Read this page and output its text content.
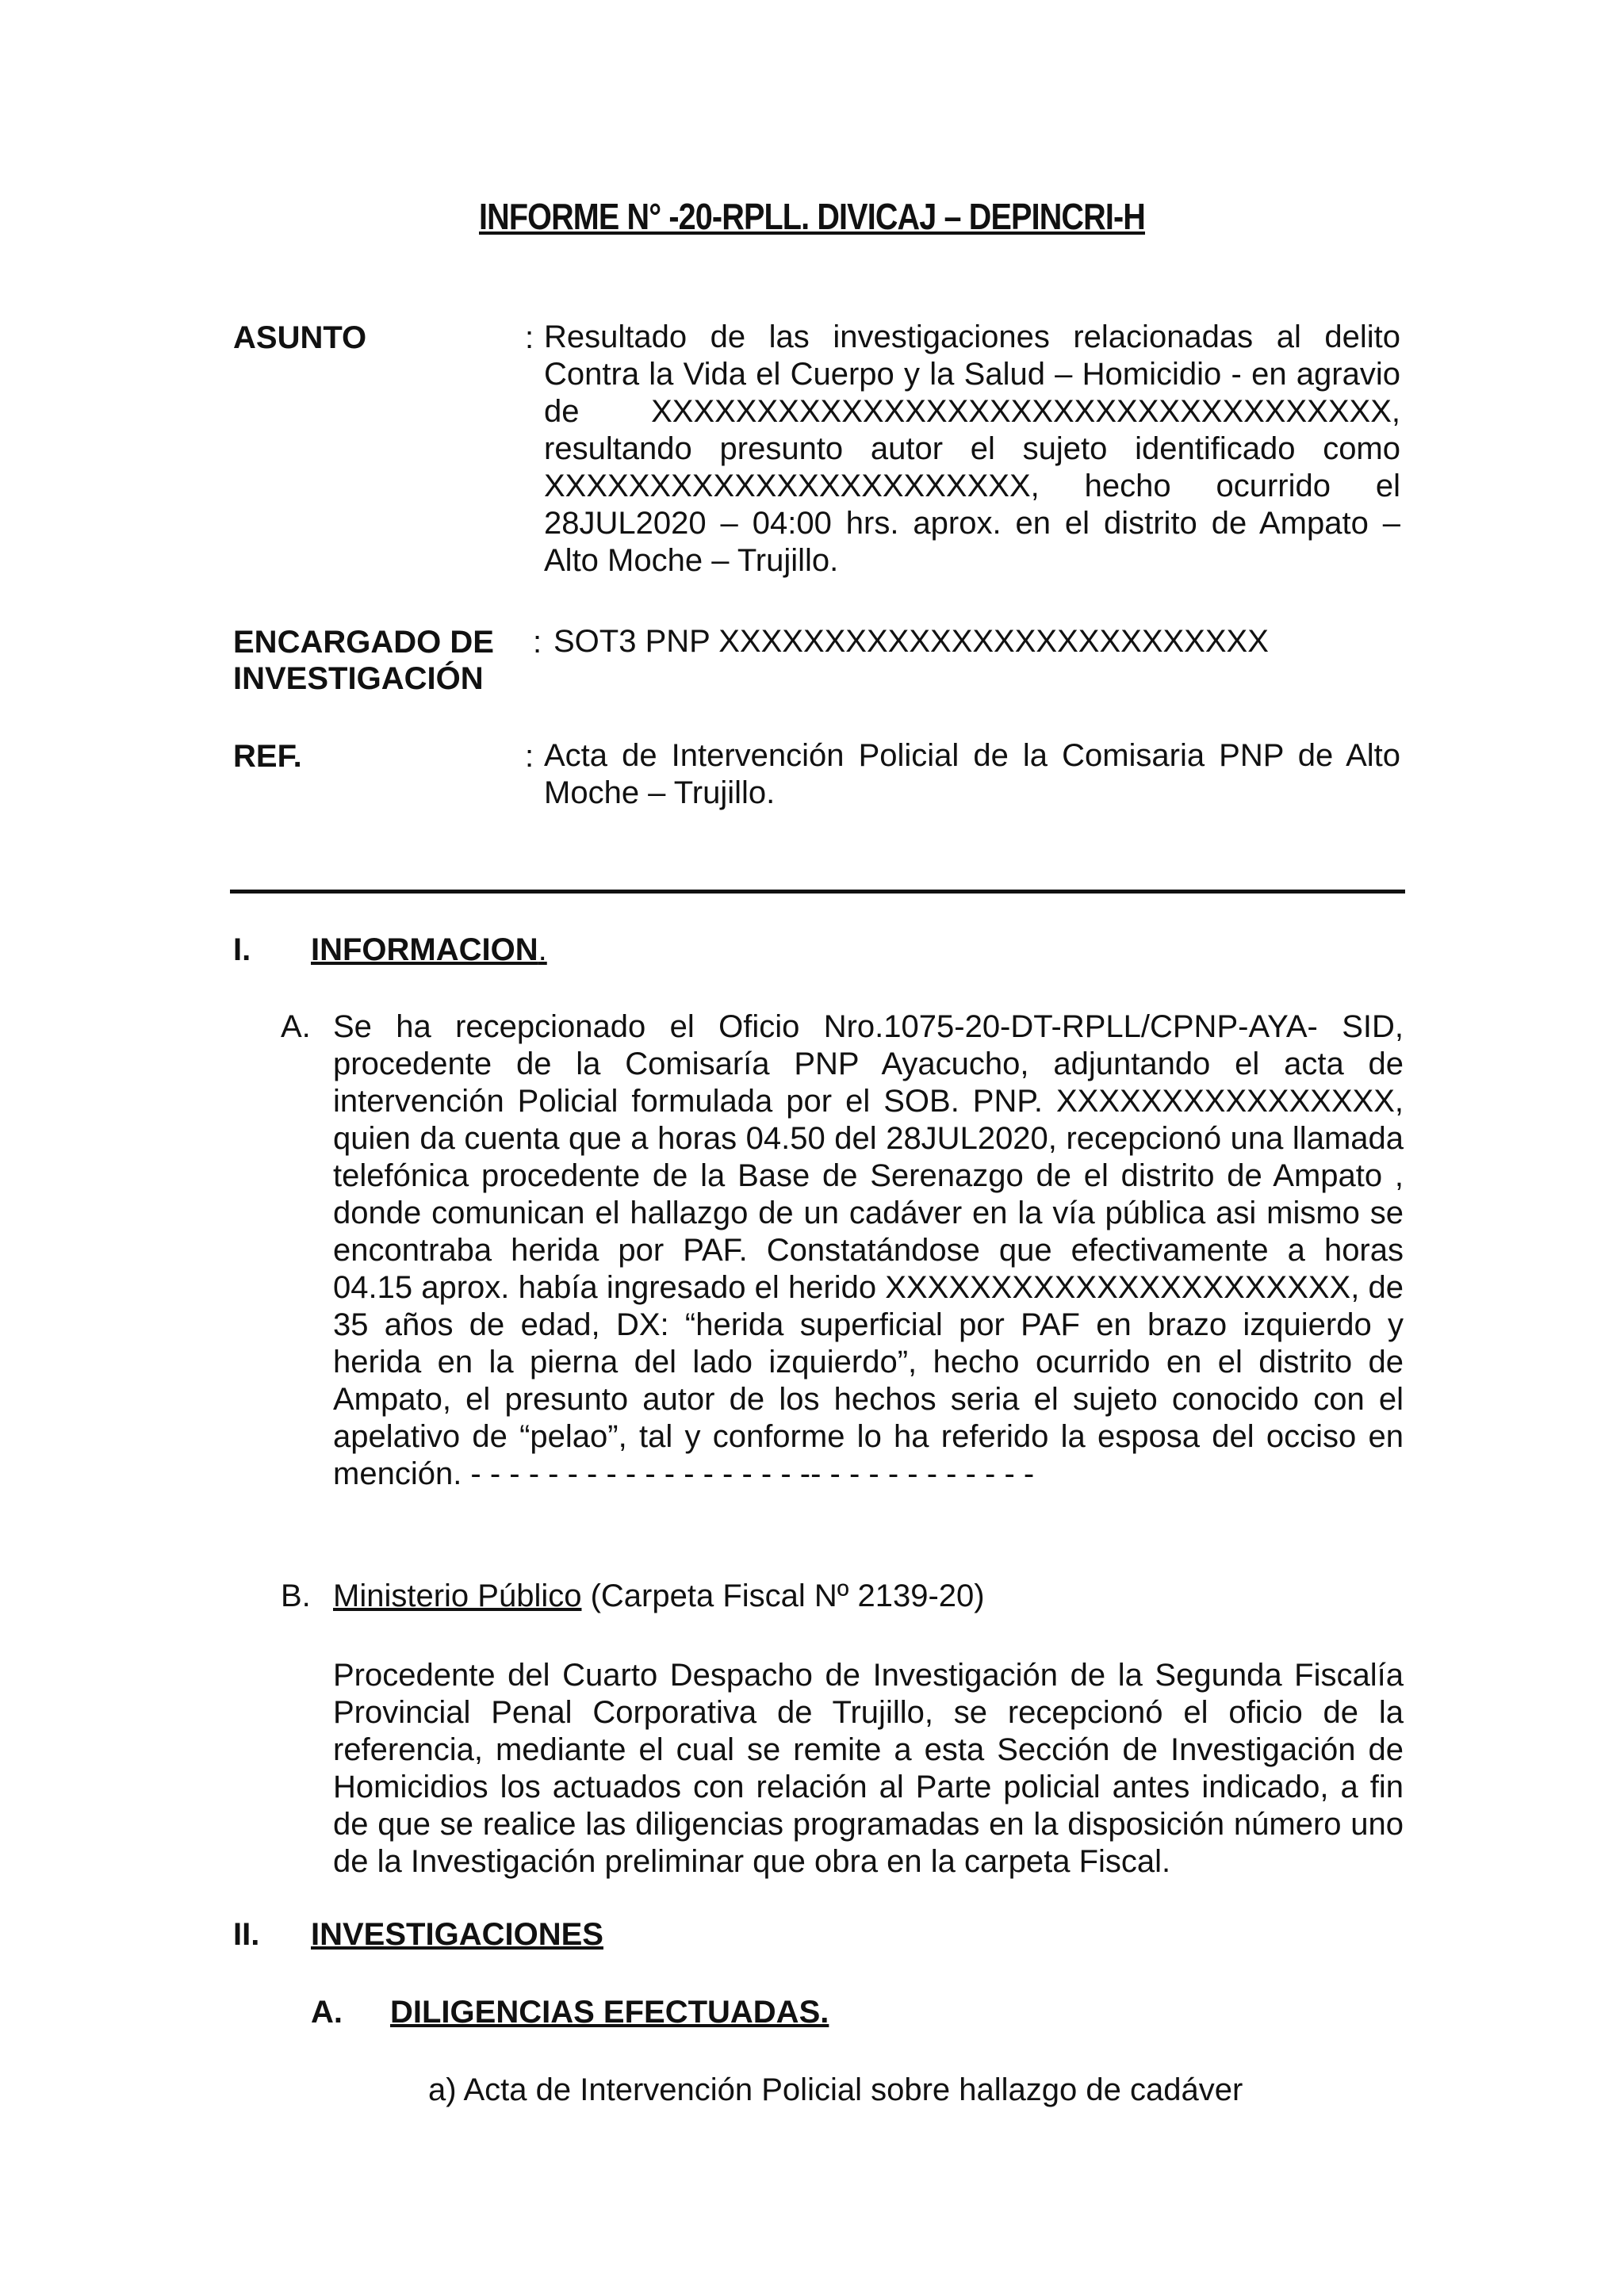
INFORME N° -20-RPLL. DIVICAJ – DEPINCRI-H
ASUNTO	: Resultado de las investigaciones relacionadas al delito Contra la Vida el Cuerpo y la Salud – Homicidio - en agravio de XXXXXXXXXXXXXXXXXXXXXXXXXXXXXXXXXXX, resultando presunto autor el sujeto identificado como XXXXXXXXXXXXXXXXXXXXXXX, hecho ocurrido el 28JUL2020 – 04:00 hrs. aprox. en el distrito de Ampato – Alto Moche – Trujillo.
ENCARGADO DE
INVESTIGACIÓN
: SOT3 PNP XXXXXXXXXXXXXXXXXXXXXXXXXX
REF.	: Acta de Intervención Policial de la Comisaria PNP de Alto Moche – Trujillo.
I. INFORMACION.
A. Se ha recepcionado el Oficio Nro.1075-20-DT-RPLL/CPNP-AYA- SID, procedente de la Comisaría PNP Ayacucho, adjuntando el acta de intervención Policial formulada por el SOB. PNP. XXXXXXXXXXXXXXXX, quien da cuenta que a horas 04.50 del 28JUL2020, recepcionó una llamada telefónica procedente de la Base de Serenazgo de el distrito de Ampato , donde comunican el hallazgo de un cadáver en la vía pública asi mismo se encontraba herida por PAF. Constatándose que efectivamente a horas 04.15 aprox. había ingresado el herido XXXXXXXXXXXXXXXXXXXXXX, de 35 años de edad, DX: “herida superficial por PAF en brazo izquierdo y herida en la pierna del lado izquierdo”, hecho ocurrido en el distrito de Ampato, el presunto autor de los hechos seria el sujeto conocido con el apelativo de “pelao”, tal y conforme lo ha referido la esposa del occiso en mención. - - - - - - - - - - - - - - - - - -- - - - - - - - - - - -
B. Ministerio Público (Carpeta Fiscal Nº 2139-20)
Procedente del Cuarto Despacho de Investigación de la Segunda Fiscalía Provincial Penal Corporativa de Trujillo, se recepcionó el oficio de la referencia, mediante el cual se remite a esta Sección de Investigación de Homicidios los actuados con relación al Parte policial antes indicado, a fin de que se realice las diligencias programadas en la disposición número uno de la Investigación preliminar que obra en la carpeta Fiscal.
II. INVESTIGACIONES
A. DILIGENCIAS EFECTUADAS.
a) Acta de Intervención Policial sobre hallazgo de cadáver
